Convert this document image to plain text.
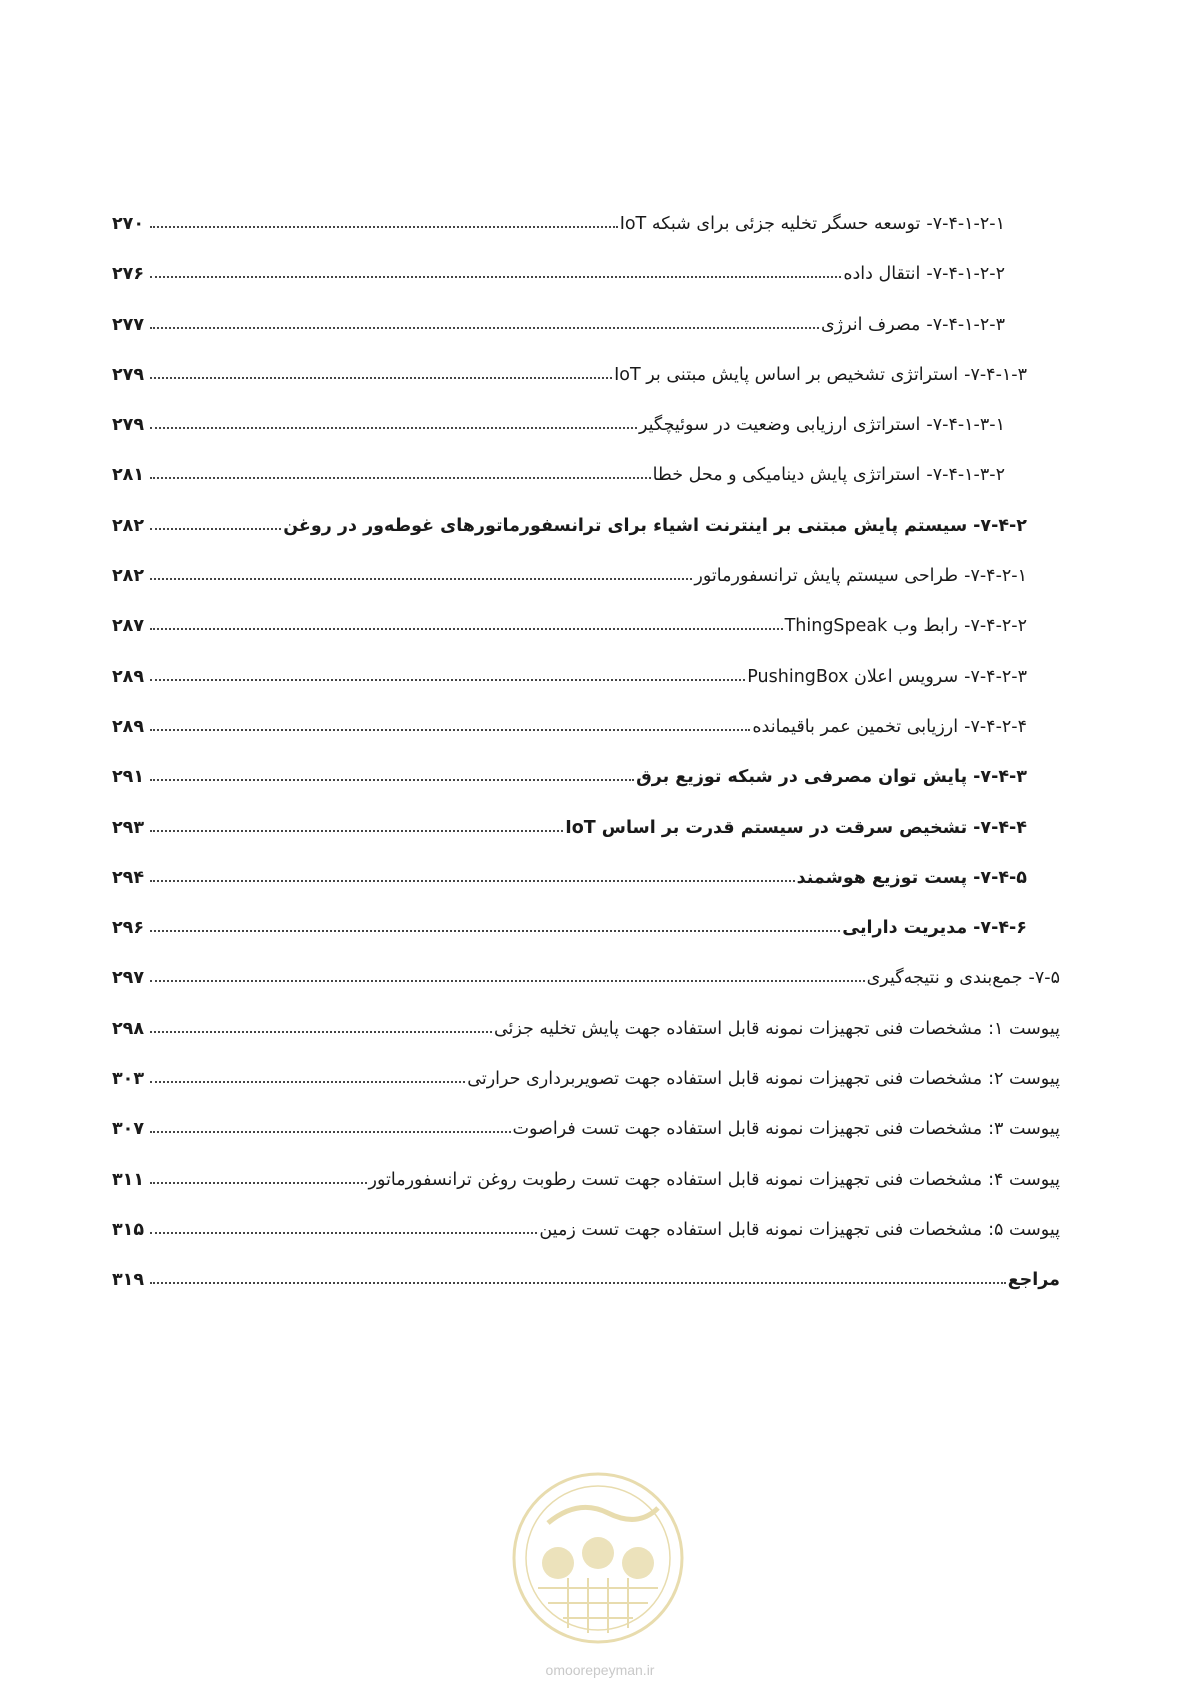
۷-۴-۱-۲-۱-
توسعه حسگر تخلیه جزئی برای شبکه IoT
۲۷۰
۷-۴-۱-۲-۲-
انتقال داده
۲۷۶
۷-۴-۱-۲-۳-
مصرف انرژی
۲۷۷
۷-۴-۱-۳-
استراتژی تشخیص بر اساس پایش مبتنی بر IoT
۲۷۹
۷-۴-۱-۳-۱-
استراتژی ارزیابی وضعیت در سوئیچگیر
۲۷۹
۷-۴-۱-۳-۲-
استراتژی پایش دینامیکی و محل خطا
۲۸۱
۷-۴-۲-
سیستم پایش مبتنی بر اینترنت اشیاء برای ترانسفورماتورهای غوطه‌ور در روغن
۲۸۲
۷-۴-۲-۱-
طراحی سیستم پایش ترانسفورماتور
۲۸۲
۷-۴-۲-۲-
رابط وب ThingSpeak
۲۸۷
۷-۴-۲-۳-
سرویس اعلان PushingBox
۲۸۹
۷-۴-۲-۴-
ارزیابی تخمین عمر باقیمانده
۲۸۹
۷-۴-۳-
پایش توان مصرفی در شبکه توزیع برق
۲۹۱
۷-۴-۴-
تشخیص سرقت در سیستم قدرت بر اساس IoT
۲۹۳
۷-۴-۵-
پست توزیع هوشمند
۲۹۴
۷-۴-۶-
مدیریت دارایی
۲۹۶
۷-۵-
جمع‌بندی و نتیجه‌گیری
۲۹۷
پیوست ۱:
مشخصات فنی تجهیزات نمونه قابل استفاده جهت پایش تخلیه جزئی
۲۹۸
پیوست ۲:
مشخصات فنی تجهیزات نمونه قابل استفاده جهت تصویربرداری حرارتی
۳۰۳
پیوست ۳:
مشخصات فنی تجهیزات نمونه قابل استفاده جهت تست فراصوت
۳۰۷
پیوست ۴:
مشخصات فنی تجهیزات نمونه قابل استفاده جهت تست رطوبت روغن ترانسفورماتور
۳۱۱
پیوست ۵:
مشخصات فنی تجهیزات نمونه قابل استفاده جهت تست زمین
۳۱۵
مراجع
۳۱۹
omoorepeyman.ir
